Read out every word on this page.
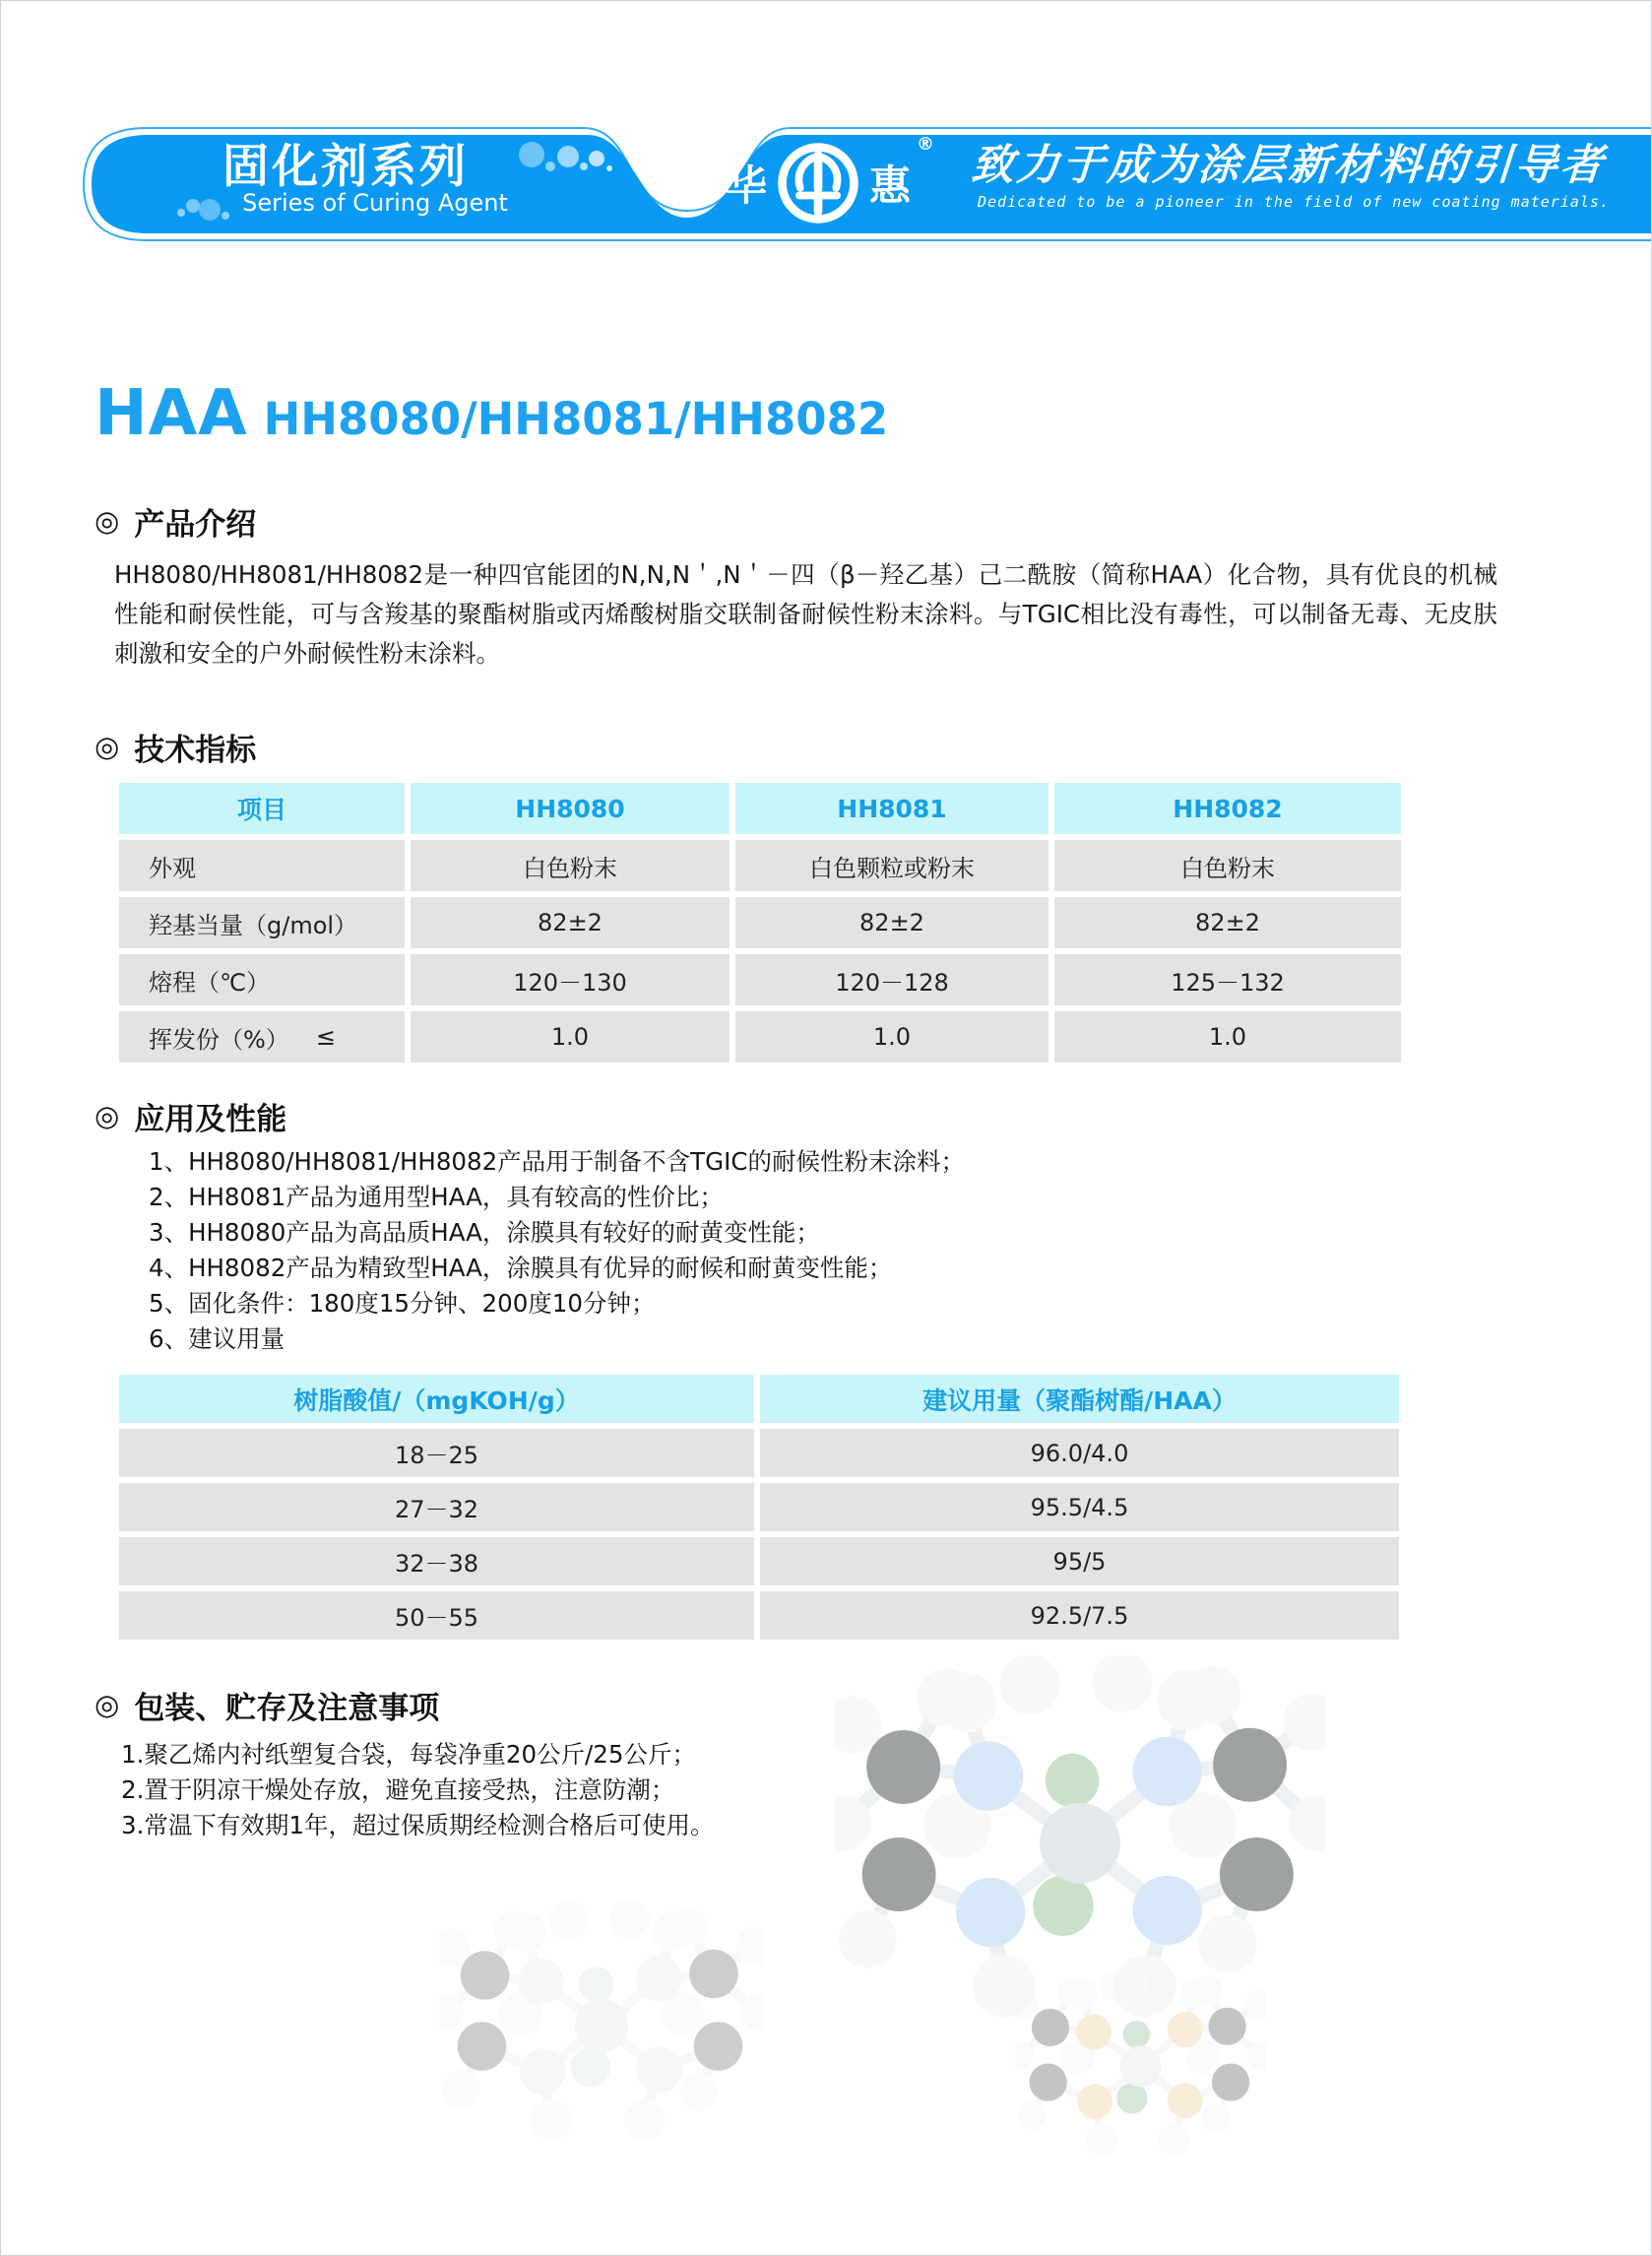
固化剂系列
Series of Curing Agent	华 惠
® 致力于成为涂层新材料的引导者
Dedicated to be a pioneer in the field of new coating materials.
HAA HH8080/HH8081/HH8082
◎ 产品介绍
HH8080/HH8081/HH8082是一种四官能团的N,N,N＇,N＇－四（β－羟乙基）己二酰胺（简称HAA）化合物，具有优良的机械性能和耐侯性能，可与含羧基的聚酯树脂或丙烯酸树脂交联制备耐候性粉末涂料。与TGIC相比没有毒性，可以制备无毒、无皮肤刺激和安全的户外耐候性粉末涂料。
◎ 技术指标
项目	HH8080	HH8081	HH8082
外观	白色粉末	白色颗粒或粉末	白色粉末
羟基当量（g/mol）	82±2	82±2	82±2
熔程（℃）	120－130	120－128	125－132
挥发份（%） ≤	1.0	1.0	1.0
◎ 应用及性能
1、HH8080/HH8081/HH8082产品用于制备不含TGIC的耐候性粉末涂料；
2、HH8081产品为通用型HAA，具有较高的性价比；
3、HH8080产品为高品质HAA，涂膜具有较好的耐黄变性能；
4、HH8082产品为精致型HAA，涂膜具有优异的耐候和耐黄变性能；
5、固化条件：180度15分钟、200度10分钟；
6、建议用量
树脂酸值/（mgKOH/g）	建议用量（聚酯树酯/HAA）
18－25	96.0/4.0
27－32	95.5/4.5
32－38	95/5
50－55	92.5/7.5
◎ 包装、贮存及注意事项
1.聚乙烯内衬纸塑复合袋，每袋净重20公斤/25公斤；
2.置于阴凉干燥处存放，避免直接受热，注意防潮；
3.常温下有效期1年，超过保质期经检测合格后可使用。
